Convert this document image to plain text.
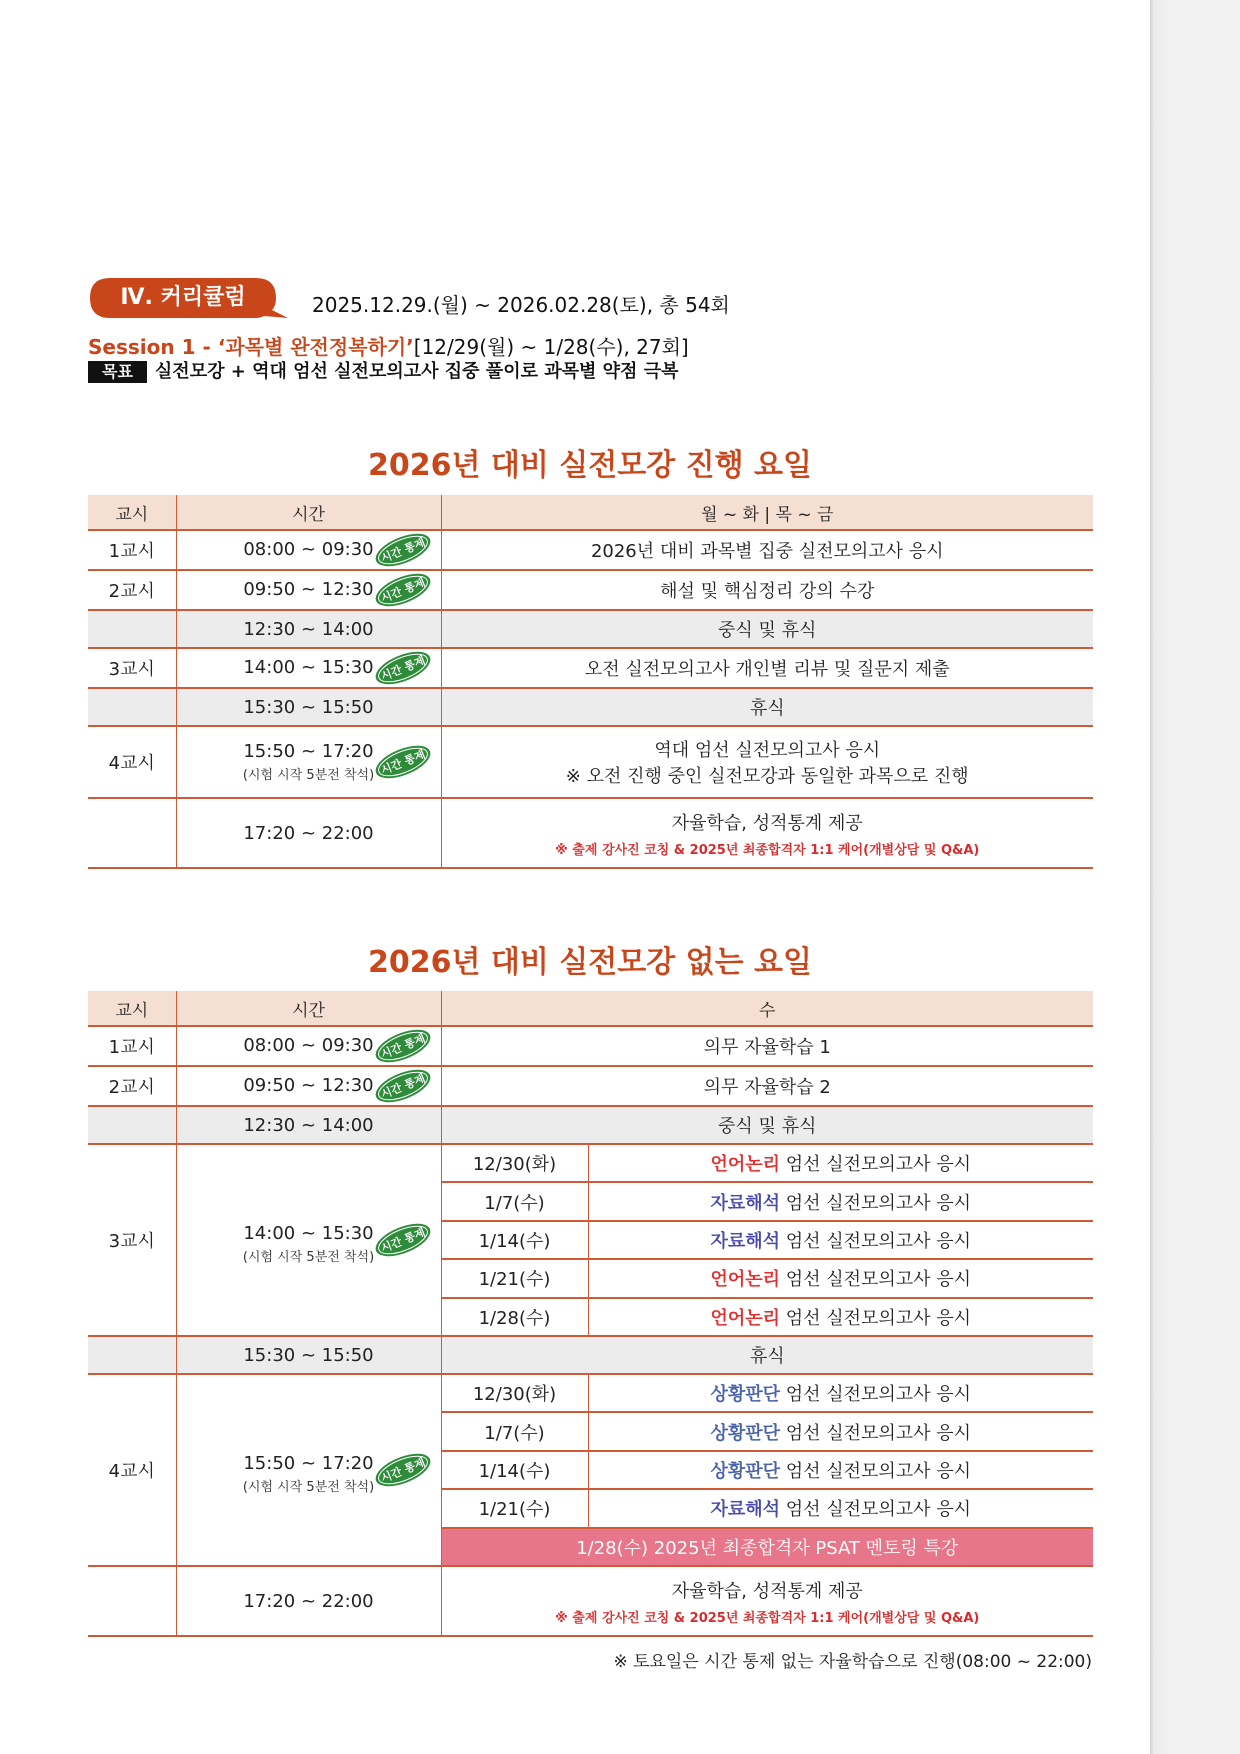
Ⅳ. 커리큘럼	2025.12.29.(월) ~ 2026.02.28(토), 총 54회
Session 1 - ‘과목별 완전정복하기’[12/29(월) ~ 1/28(수), 27회]
목표 실전모강 + 역대 엄선 실전모의고사 집중 풀이로 과목별 약점 극복
2026년 대비 실전모강 진행 요일
교시	시간	월 ~ 화 | 목 ~ 금
1교시	08:00 ~ 09:30 시간 통제	2026년 대비 과목별 집중 실전모의고사 응시
2교시	09:50 ~ 12:30 시간 통제	해설 및 핵심정리 강의 수강
	12:30 ~ 14:00	중식 및 휴식
3교시	14:00 ~ 15:30 시간 통제	오전 실전모의고사 개인별 리뷰 및 질문지 제출
	15:30 ~ 15:50	휴식
4교시	15:50 ~ 17:20
(시험 시작 5분전 착석) 시간 통제	역대 엄선 실전모의고사 응시
※ 오전 진행 중인 실전모강과 동일한 과목으로 진행
	17:20 ~ 22:00	자율학습, 성적통계 제공
※ 출제 강사진 코칭 & 2025년 최종합격자 1:1 케어(개별상담 및 Q&A)
2026년 대비 실전모강 없는 요일
교시	시간	수	
1교시	08:00 ~ 09:30 시간 통제	의무 자율학습 1	
2교시	09:50 ~ 12:30 시간 통제	의무 자율학습 2	
	12:30 ~ 14:00	중식 및 휴식	
3교시	14:00 ~ 15:30
(시험 시작 5분전 착석)
시간 통제	12/30(화)	언어논리 엄선 실전모의고사 응시
		1/7(수)	자료해석 엄선 실전모의고사 응시
		1/14(수)	자료해석 엄선 실전모의고사 응시
		1/21(수)	언어논리 엄선 실전모의고사 응시
		1/28(수)	언어논리 엄선 실전모의고사 응시
	15:30 ~ 15:50	휴식	
4교시	15:50 ~ 17:20
(시험 시작 5분전 착석)
시간 통제	12/30(화)	상황판단 엄선 실전모의고사 응시
		1/7(수)	상황판단 엄선 실전모의고사 응시
		1/14(수)	상황판단 엄선 실전모의고사 응시
		1/21(수)	자료해석 엄선 실전모의고사 응시
		1/28(수) 2025년 최종합격자 PSAT 멘토링 특강	
	17:20 ~ 22:00	자율학습, 성적통계 제공
※ 출제 강사진 코칭 & 2025년 최종합격자 1:1 케어(개별상담 및 Q&A)	
※ 토요일은 시간 통제 없는 자율학습으로 진행(08:00 ~ 22:00)
